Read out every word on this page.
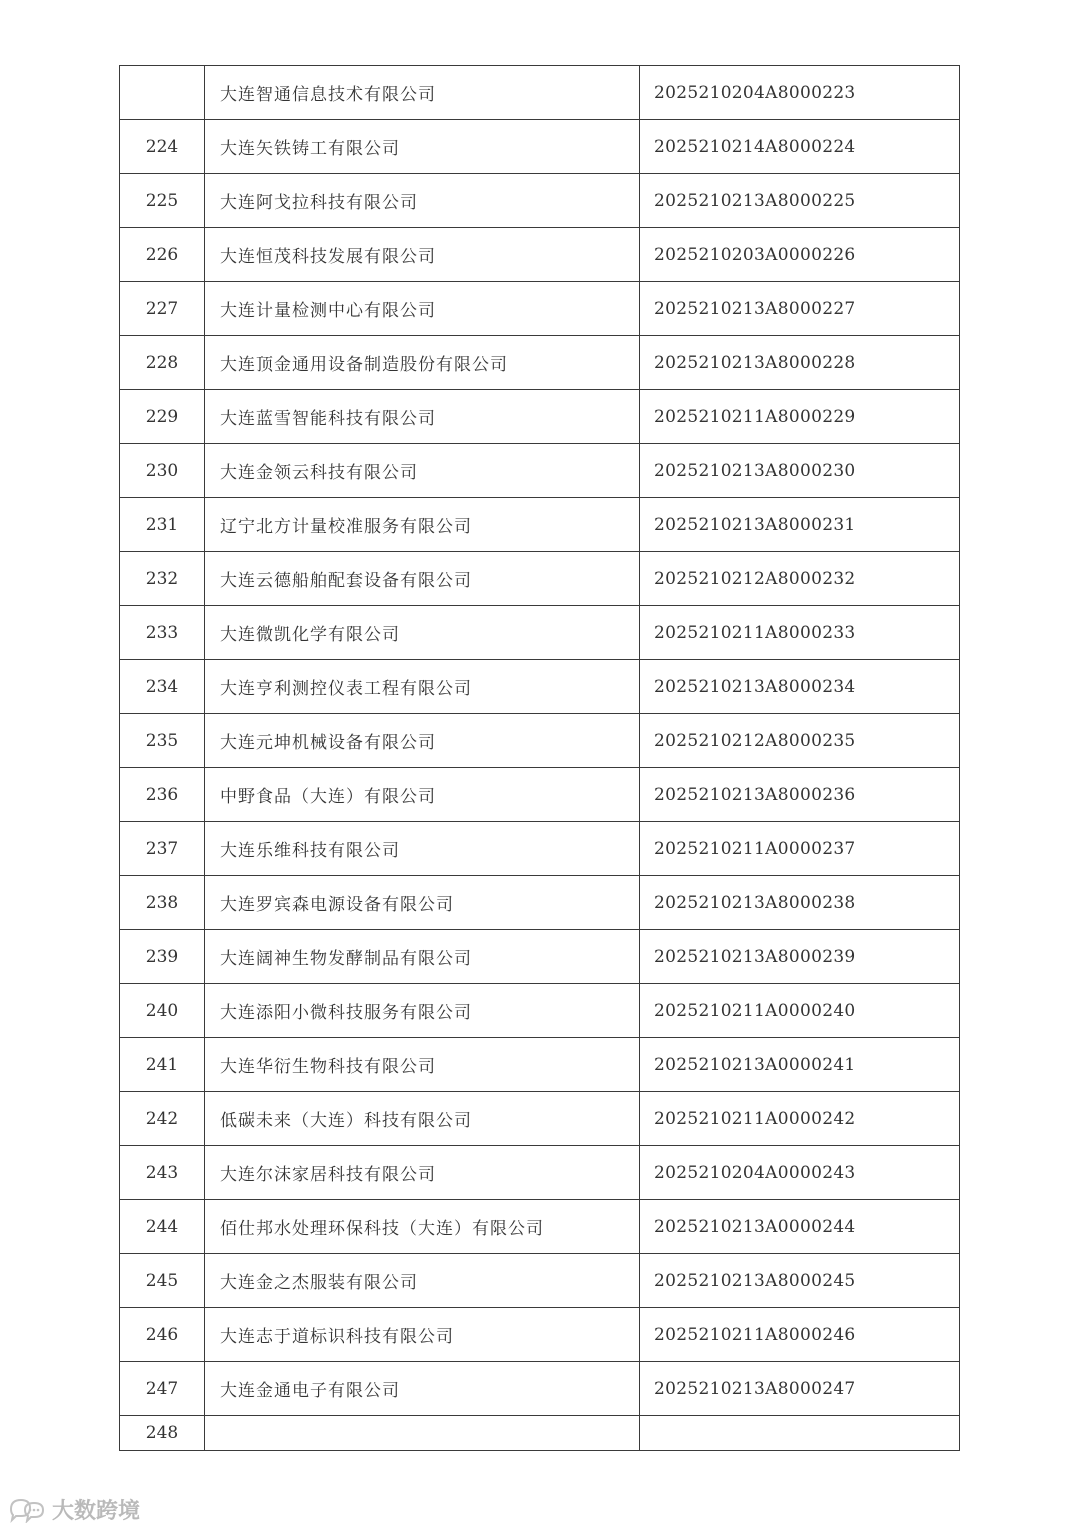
	大连智通信息技术有限公司	2025210204A8000223
224	大连矢铁铸工有限公司	2025210214A8000224
225	大连阿戈拉科技有限公司	2025210213A8000225
226	大连恒茂科技发展有限公司	2025210203A0000226
227	大连计量检测中心有限公司	2025210213A8000227
228	大连顶金通用设备制造股份有限公司	2025210213A8000228
229	大连蓝雪智能科技有限公司	2025210211A8000229
230	大连金领云科技有限公司	2025210213A8000230
231	辽宁北方计量校准服务有限公司	2025210213A8000231
232	大连云德船舶配套设备有限公司	2025210212A8000232
233	大连微凯化学有限公司	2025210211A8000233
234	大连亨利测控仪表工程有限公司	2025210213A8000234
235	大连元坤机械设备有限公司	2025210212A8000235
236	中野食品（大连）有限公司	2025210213A8000236
237	大连乐维科技有限公司	2025210211A0000237
238	大连罗宾森电源设备有限公司	2025210213A8000238
239	大连阔神生物发酵制品有限公司	2025210213A8000239
240	大连添阳小微科技服务有限公司	2025210211A0000240
241	大连华衍生物科技有限公司	2025210213A0000241
242	低碳未来（大连）科技有限公司	2025210211A0000242
243	大连尔沫家居科技有限公司	2025210204A0000243
244	佰仕邦水处理环保科技（大连）有限公司	2025210213A0000244
245	大连金之杰服装有限公司	2025210213A8000245
246	大连志于道标识科技有限公司	2025210211A8000246
247	大连金通电子有限公司	2025210213A8000247
248		
大数跨境
